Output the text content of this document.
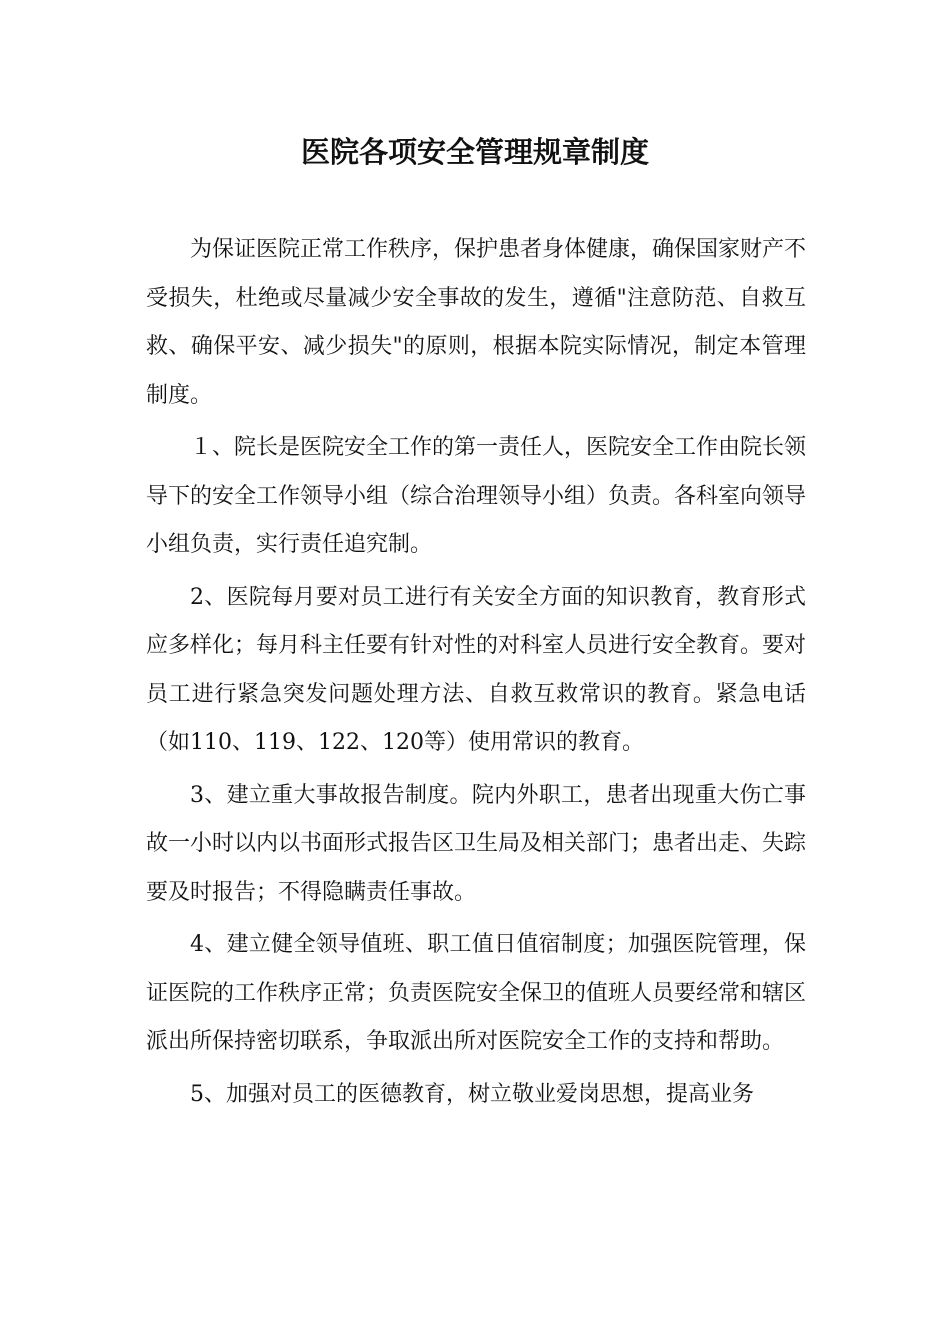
医院各项安全管理规章制度

为保证医院正常工作秩序，保护患者身体健康，确保国家财产不受损失，杜绝或尽量减少安全事故的发生，遵循"注意防范、自救互救、确保平安、减少损失"的原则，根据本院实际情况，制定本管理制度。

１、院长是医院安全工作的第一责任人，医院安全工作由院长领导下的安全工作领导小组（综合治理领导小组）负责。各科室向领导小组负责，实行责任追究制。

2、医院每月要对员工进行有关安全方面的知识教育，教育形式应多样化；每月科主任要有针对性的对科室人员进行安全教育。要对员工进行紧急突发问题处理方法、自救互救常识的教育。紧急电话（如110、119、122、120等）使用常识的教育。

3、建立重大事故报告制度。院内外职工，患者出现重大伤亡事故一小时以内以书面形式报告区卫生局及相关部门；患者出走、失踪要及时报告；不得隐瞒责任事故。

4、建立健全领导值班、职工值日值宿制度；加强医院管理，保证医院的工作秩序正常；负责医院安全保卫的值班人员要经常和辖区派出所保持密切联系，争取派出所对医院安全工作的支持和帮助。

5、加强对员工的医德教育，树立敬业爱岗思想，提高业务
